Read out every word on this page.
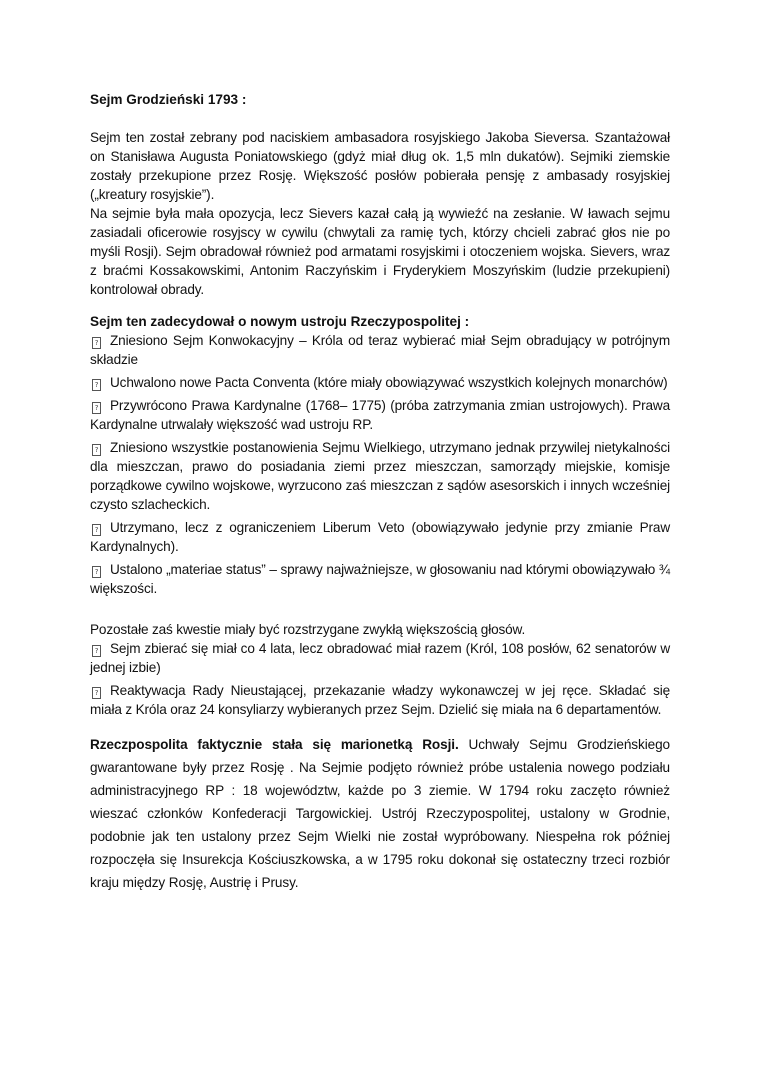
Sejm Grodzieński 1793 :

Sejm ten został zebrany pod naciskiem ambasadora rosyjskiego Jakoba Sieversa. Szantażował on Stanisława Augusta Poniatowskiego (gdyż miał dług ok. 1,5 mln dukatów). Sejmiki ziemskie zostały przekupione przez Rosję. Większość posłów pobierała pensję z ambasady rosyjskiej („kreatury rosyjskie”).

Na sejmie była mała opozycja, lecz Sievers kazał całą ją wywieźć na zesłanie. W ławach sejmu zasiadali oficerowie rosyjscy w cywilu (chwytali za ramię tych, którzy chcieli zabrać głos nie po myśli Rosji). Sejm obradował również pod armatami rosyjskimi i otoczeniem wojska. Sievers, wraz z braćmi Kossakowskimi, Antonim Raczyńskim i Fryderykiem Moszyńskim (ludzie przekupieni) kontrolował obrady.

Sejm ten zadecydował o nowym ustroju Rzeczypospolitej :

? Zniesiono Sejm Konwokacyjny – Króla od teraz wybierać miał Sejm obradujący w potrójnym składzie

? Uchwalono nowe Pacta Conventa (które miały obowiązywać wszystkich kolejnych monarchów)

? Przywrócono Prawa Kardynalne (1768– 1775) (próba zatrzymania zmian ustrojowych). Prawa Kardynalne utrwalały większość wad ustroju RP.

? Zniesiono wszystkie postanowienia Sejmu Wielkiego, utrzymano jednak przywilej nietykalności dla mieszczan, prawo do posiadania ziemi przez mieszczan, samorządy miejskie, komisje porządkowe cywilno wojskowe, wyrzucono zaś mieszczan z sądów asesorskich i innych wcześniej czysto szlacheckich.

? Utrzymano, lecz z ograniczeniem Liberum Veto (obowiązywało jedynie przy zmianie Praw Kardynalnych).

? Ustalono „materiae status” – sprawy najważniejsze, w głosowaniu nad którymi obowiązywało ¾ większości.

Pozostałe zaś kwestie miały być rozstrzygane zwykłą większością głosów.

? Sejm zbierać się miał co 4 lata, lecz obradować miał razem (Król, 108 posłów, 62 senatorów w jednej izbie)

? Reaktywacja Rady Nieustającej, przekazanie władzy wykonawczej w jej ręce. Składać się miała z Króla oraz 24 konsyliarzy wybieranych przez Sejm. Dzielić się miała na 6 departamentów.

Rzeczpospolita faktycznie stała się marionetką Rosji. Uchwały Sejmu Grodzieńskiego gwarantowane były przez Rosję . Na Sejmie podjęto również próbe ustalenia nowego podziału administracyjnego RP : 18 województw, każde po 3 ziemie. W 1794 roku zaczęto również wieszać członków Konfederacji Targowickiej. Ustrój Rzeczypospolitej, ustalony w Grodnie, podobnie jak ten ustalony przez Sejm Wielki nie został wypróbowany. Niespełna rok później rozpoczęła się Insurekcja Kościuszkowska, a w 1795 roku dokonał się ostateczny trzeci rozbiór kraju między Rosję, Austrię i Prusy.
